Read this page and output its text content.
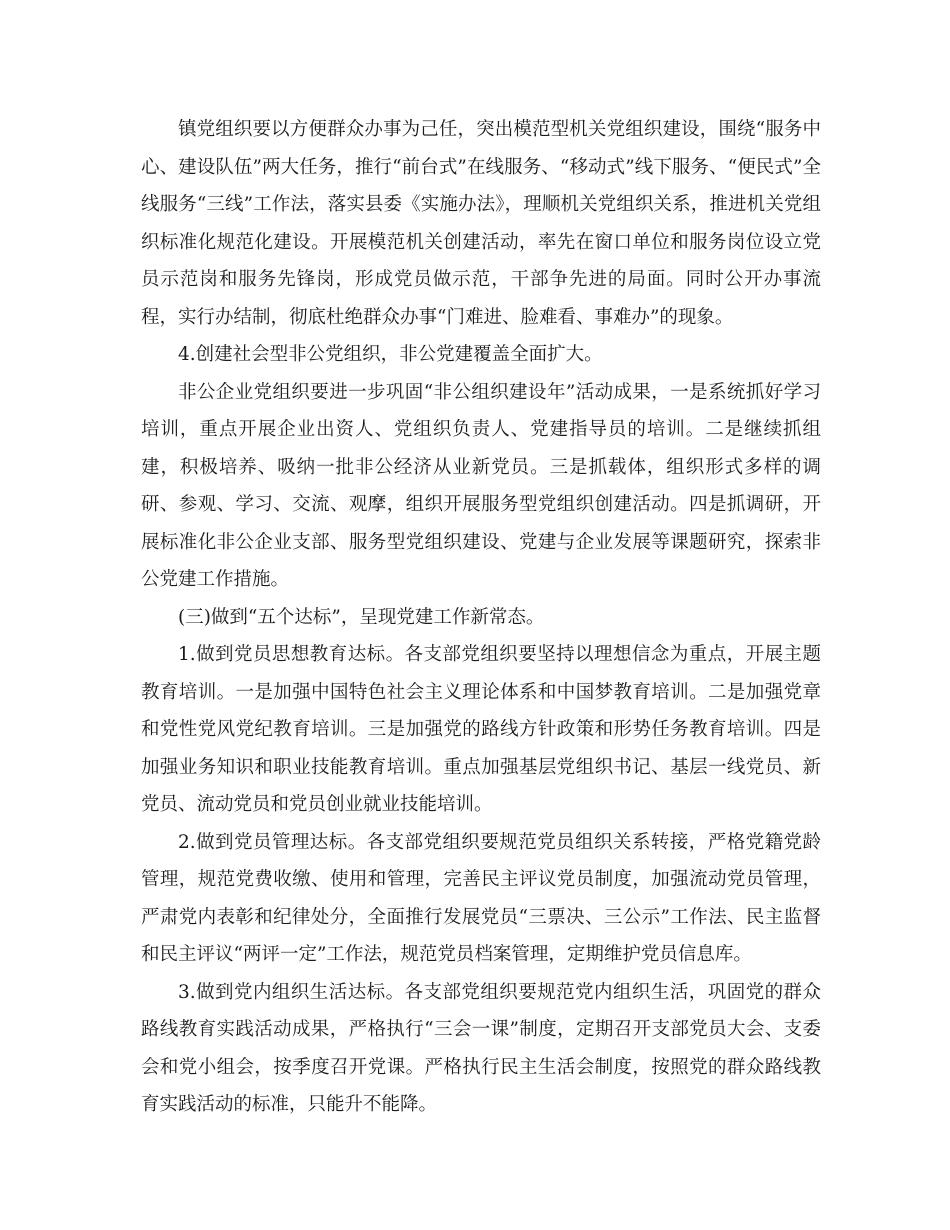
镇党组织要以方便群众办事为己任，突出模范型机关党组织建设，围绕“服务中心、建设队伍”两大任务，推行“前台式”在线服务、“移动式”线下服务、“便民式”全线服务“三线”工作法，落实县委《实施办法》，理顺机关党组织关系，推进机关党组织标准化规范化建设。开展模范机关创建活动，率先在窗口单位和服务岗位设立党员示范岗和服务先锋岗，形成党员做示范，干部争先进的局面。同时公开办事流程，实行办结制，彻底杜绝群众办事“门难进、脸难看、事难办”的现象。

4.创建社会型非公党组织，非公党建覆盖全面扩大。

非公企业党组织要进一步巩固“非公组织建设年”活动成果，一是系统抓好学习培训，重点开展企业出资人、党组织负责人、党建指导员的培训。二是继续抓组建，积极培养、吸纳一批非公经济从业新党员。三是抓载体，组织形式多样的调研、参观、学习、交流、观摩，组织开展服务型党组织创建活动。四是抓调研，开展标准化非公企业支部、服务型党组织建设、党建与企业发展等课题研究，探索非公党建工作措施。

(三)做到“五个达标”，呈现党建工作新常态。

1.做到党员思想教育达标。各支部党组织要坚持以理想信念为重点，开展主题教育培训。一是加强中国特色社会主义理论体系和中国梦教育培训。二是加强党章和党性党风党纪教育培训。三是加强党的路线方针政策和形势任务教育培训。四是加强业务知识和职业技能教育培训。重点加强基层党组织书记、基层一线党员、新党员、流动党员和党员创业就业技能培训。

2.做到党员管理达标。各支部党组织要规范党员组织关系转接，严格党籍党龄管理，规范党费收缴、使用和管理，完善民主评议党员制度，加强流动党员管理，严肃党内表彰和纪律处分，全面推行发展党员“三票决、三公示”工作法、民主监督和民主评议“两评一定”工作法，规范党员档案管理，定期维护党员信息库。

3.做到党内组织生活达标。各支部党组织要规范党内组织生活，巩固党的群众路线教育实践活动成果，严格执行“三会一课”制度，定期召开支部党员大会、支委会和党小组会，按季度召开党课。严格执行民主生活会制度，按照党的群众路线教育实践活动的标准，只能升不能降。
